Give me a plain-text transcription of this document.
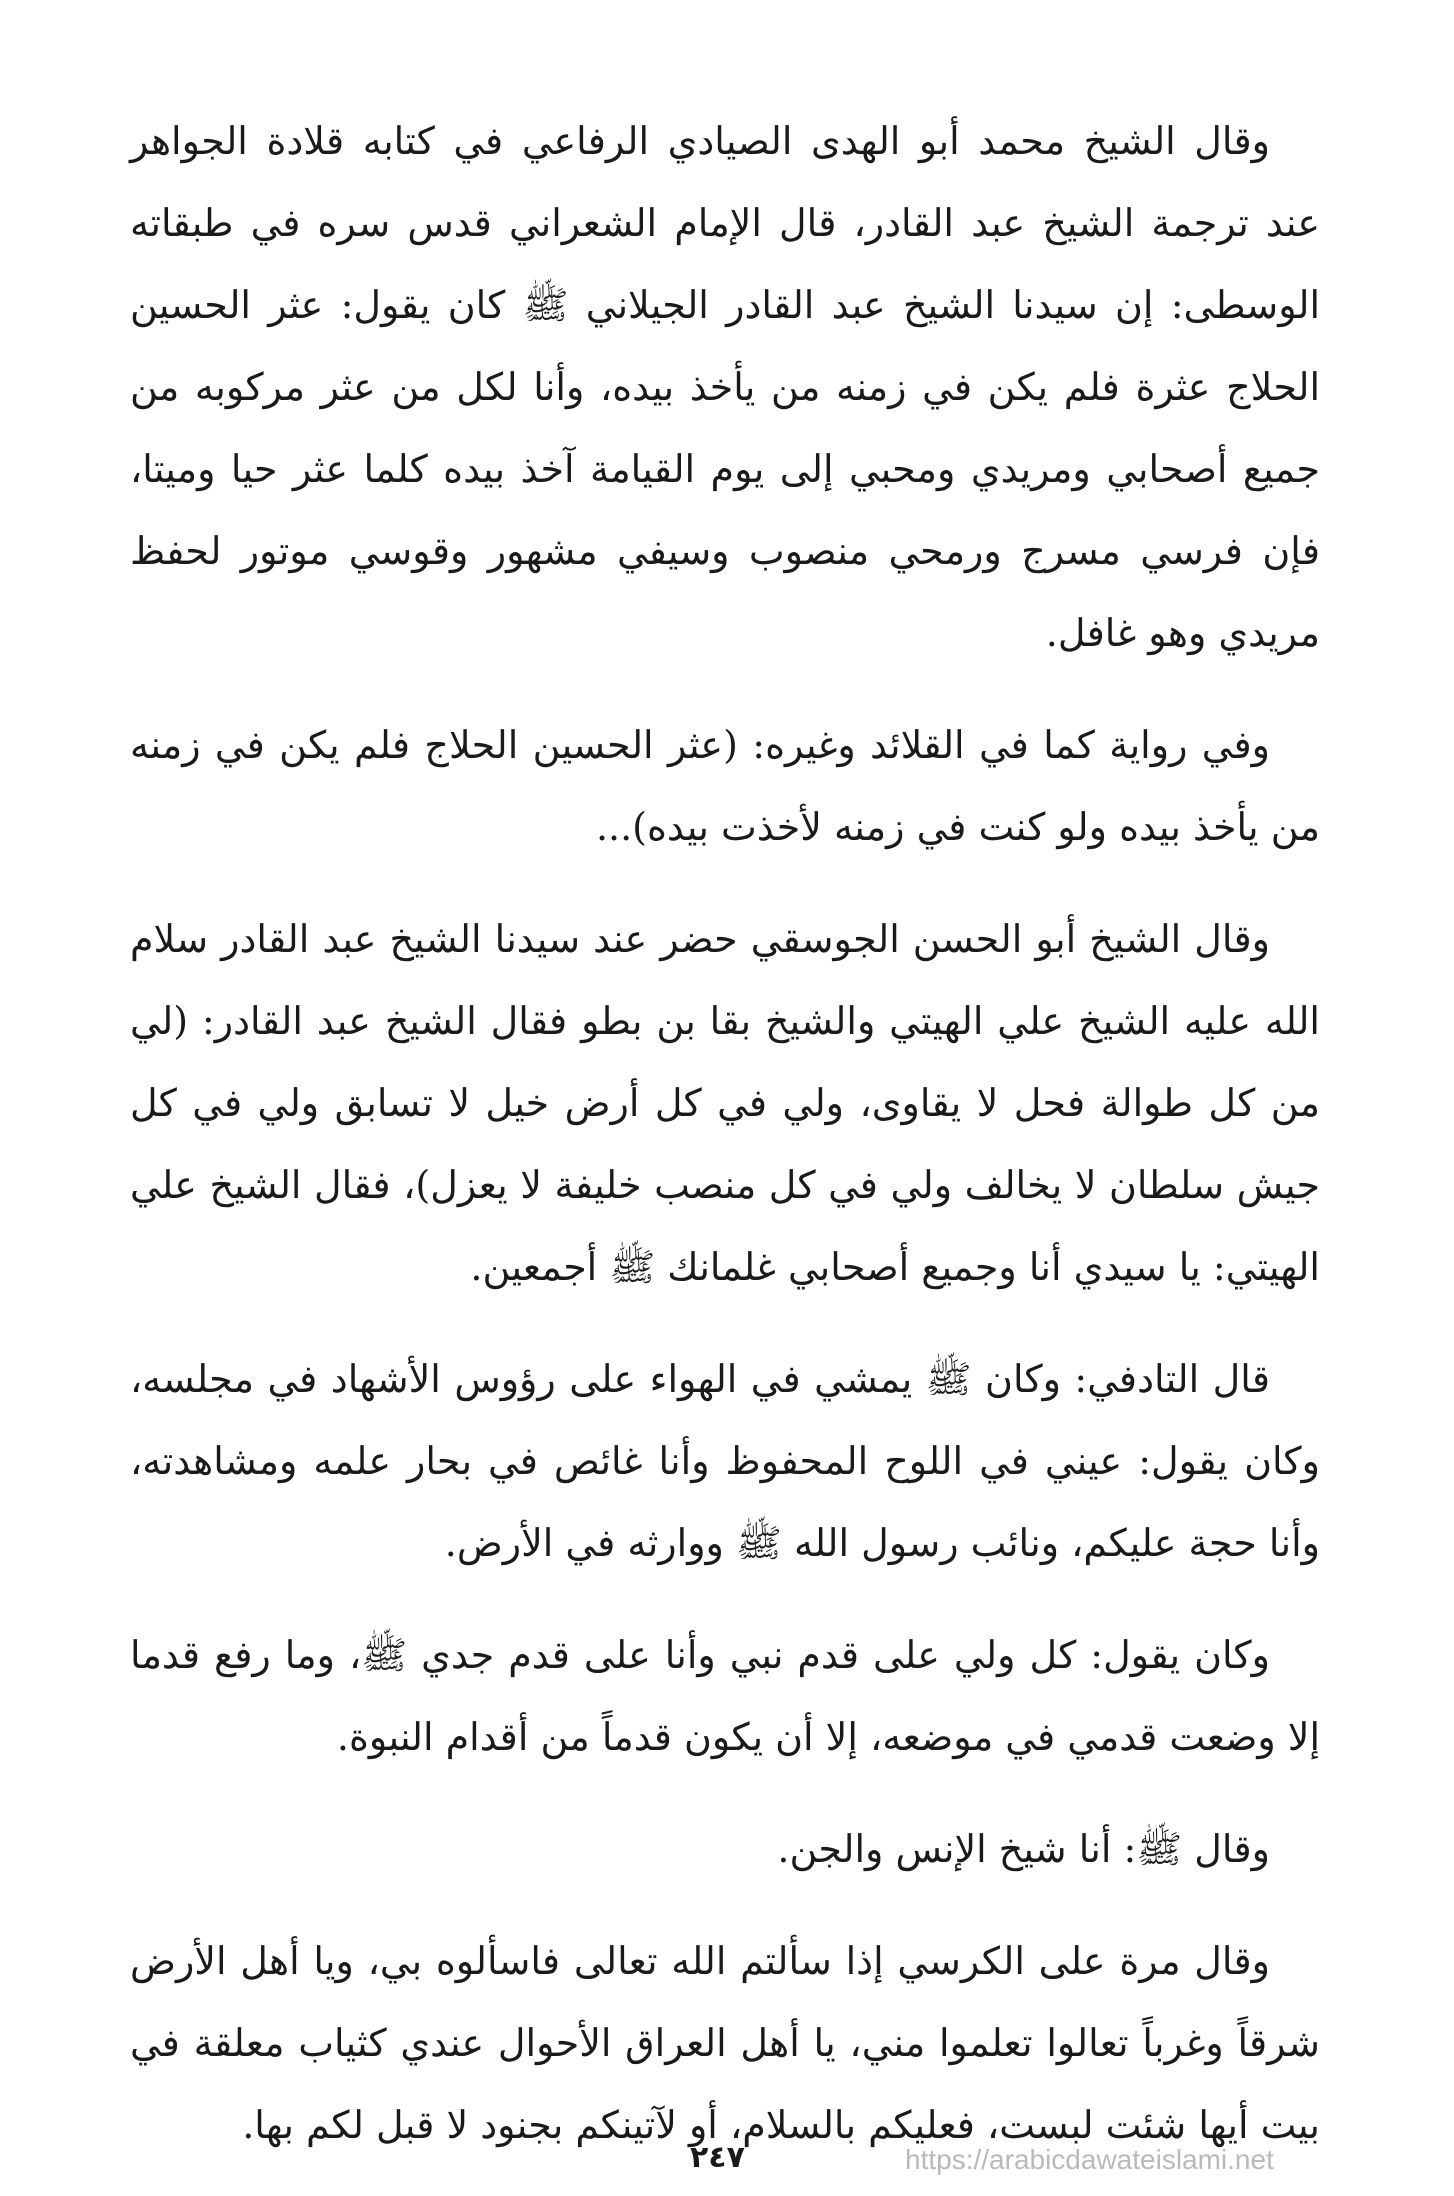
وقال الشيخ محمد أبو الهدى الصيادي الرفاعي في كتابه قلادة الجواهر عند ترجمة الشيخ عبد القادر، قال الإمام الشعراني قدس سره في طبقاته الوسطى: إن سيدنا الشيخ عبد القادر الجيلاني ﷺ كان يقول: عثر الحسين الحلاج عثرة فلم يكن في زمنه من يأخذ بيده، وأنا لكل من عثر مركوبه من جميع أصحابي ومريدي ومحبي إلى يوم القيامة آخذ بيده كلما عثر حيا وميتا، فإن فرسي مسرج ورمحي منصوب وسيفي مشهور وقوسي موتور لحفظ مريدي وهو غافل.

وفي رواية كما في القلائد وغيره: (عثر الحسين الحلاج فلم يكن في زمنه من يأخذ بيده ولو كنت في زمنه لأخذت بيده)...

وقال الشيخ أبو الحسن الجوسقي حضر عند سيدنا الشيخ عبد القادر سلام الله عليه الشيخ علي الهيتي والشيخ بقا بن بطو فقال الشيخ عبد القادر: (لي من كل طوالة فحل لا يقاوى، ولي في كل أرض خيل لا تسابق ولي في كل جيش سلطان لا يخالف ولي في كل منصب خليفة لا يعزل)، فقال الشيخ علي الهيتي: يا سيدي أنا وجميع أصحابي غلمانك ﷺ أجمعين.

قال التادفي: وكان ﷺ يمشي في الهواء على رؤوس الأشهاد في مجلسه، وكان يقول: عيني في اللوح المحفوظ وأنا غائص في بحار علمه ومشاهدته، وأنا حجة عليكم، ونائب رسول الله ﷺ ووارثه في الأرض.

وكان يقول: كل ولي على قدم نبي وأنا على قدم جدي ﷺ، وما رفع قدما إلا وضعت قدمي في موضعه، إلا أن يكون قدماً من أقدام النبوة.

وقال ﷺ: أنا شيخ الإنس والجن.

وقال مرة على الكرسي إذا سألتم الله تعالى فاسألوه بي، ويا أهل الأرض شرقاً وغرباً تعالوا تعلموا مني، يا أهل العراق الأحوال عندي كثياب معلقة في بيت أيها شئت لبست، فعليكم بالسلام، أو لآتينكم بجنود لا قبل لكم بها.

٢٤٧	https://arabicdawateislami.net
